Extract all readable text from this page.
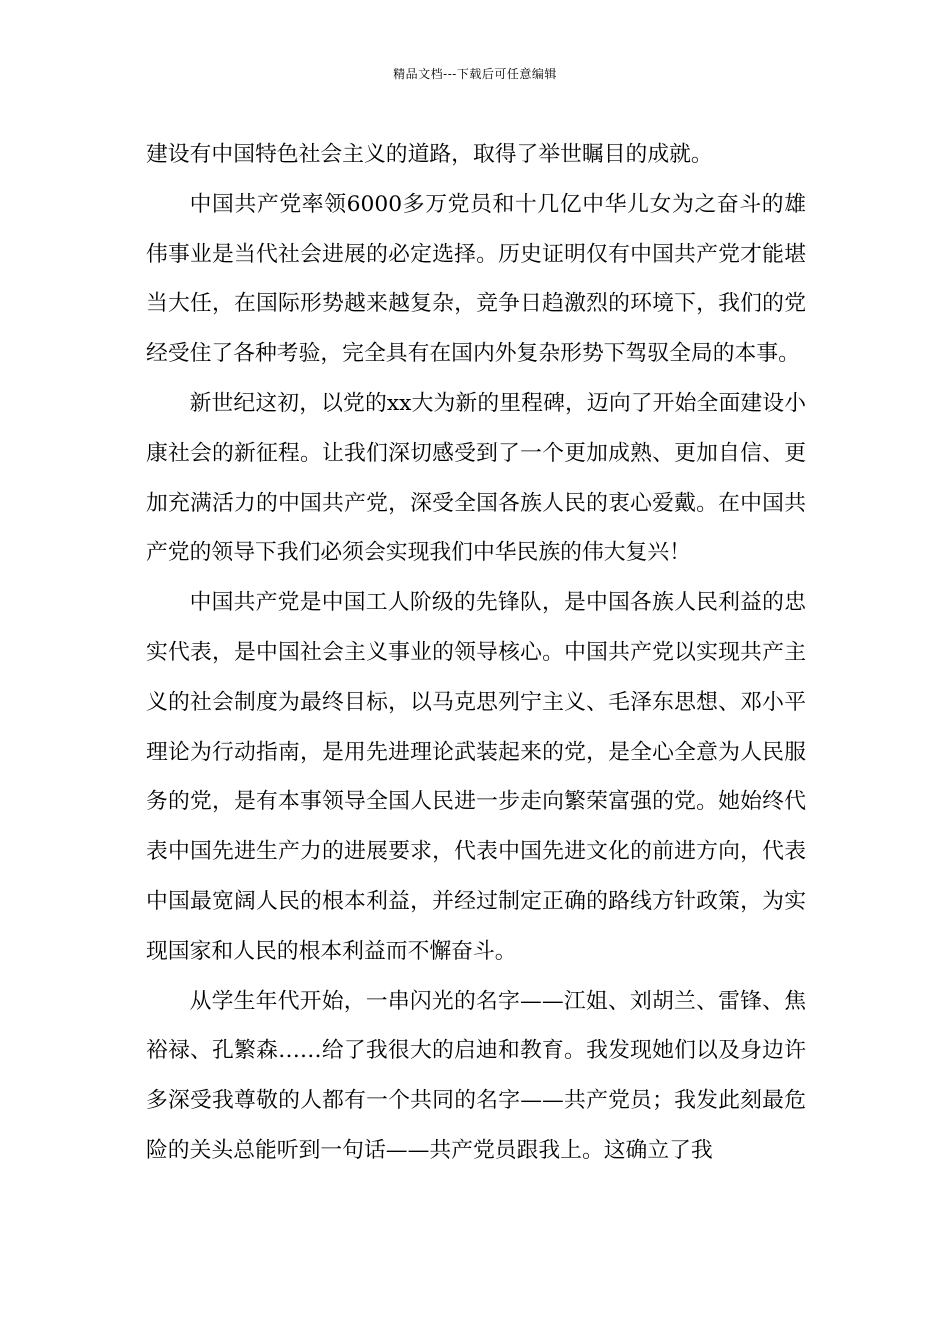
精品文档---下载后可任意编辑

建设有中国特色社会主义的道路，取得了举世瞩目的成就。

中国共产党率领6000多万党员和十几亿中华儿女为之奋斗的雄伟事业是当代社会进展的必定选择。历史证明仅有中国共产党才能堪当大任，在国际形势越来越复杂，竞争日趋激烈的环境下，我们的党经受住了各种考验，完全具有在国内外复杂形势下驾驭全局的本事。

新世纪这初，以党的xx大为新的里程碑，迈向了开始全面建设小康社会的新征程。让我们深切感受到了一个更加成熟、更加自信、更加充满活力的中国共产党，深受全国各族人民的衷心爱戴。在中国共产党的领导下我们必须会实现我们中华民族的伟大复兴！

中国共产党是中国工人阶级的先锋队，是中国各族人民利益的忠实代表，是中国社会主义事业的领导核心。中国共产党以实现共产主义的社会制度为最终目标，以马克思列宁主义、毛泽东思想、邓小平理论为行动指南，是用先进理论武装起来的党，是全心全意为人民服务的党，是有本事领导全国人民进一步走向繁荣富强的党。她始终代表中国先进生产力的进展要求，代表中国先进文化的前进方向，代表中国最宽阔人民的根本利益，并经过制定正确的路线方针政策，为实现国家和人民的根本利益而不懈奋斗。

从学生年代开始，一串闪光的名字——江姐、刘胡兰、雷锋、焦裕禄、孔繁森……给了我很大的启迪和教育。我发现她们以及身边许多深受我尊敬的人都有一个共同的名字——共产党员；我发此刻最危险的关头总能听到一句话——共产党员跟我上。这确立了我
